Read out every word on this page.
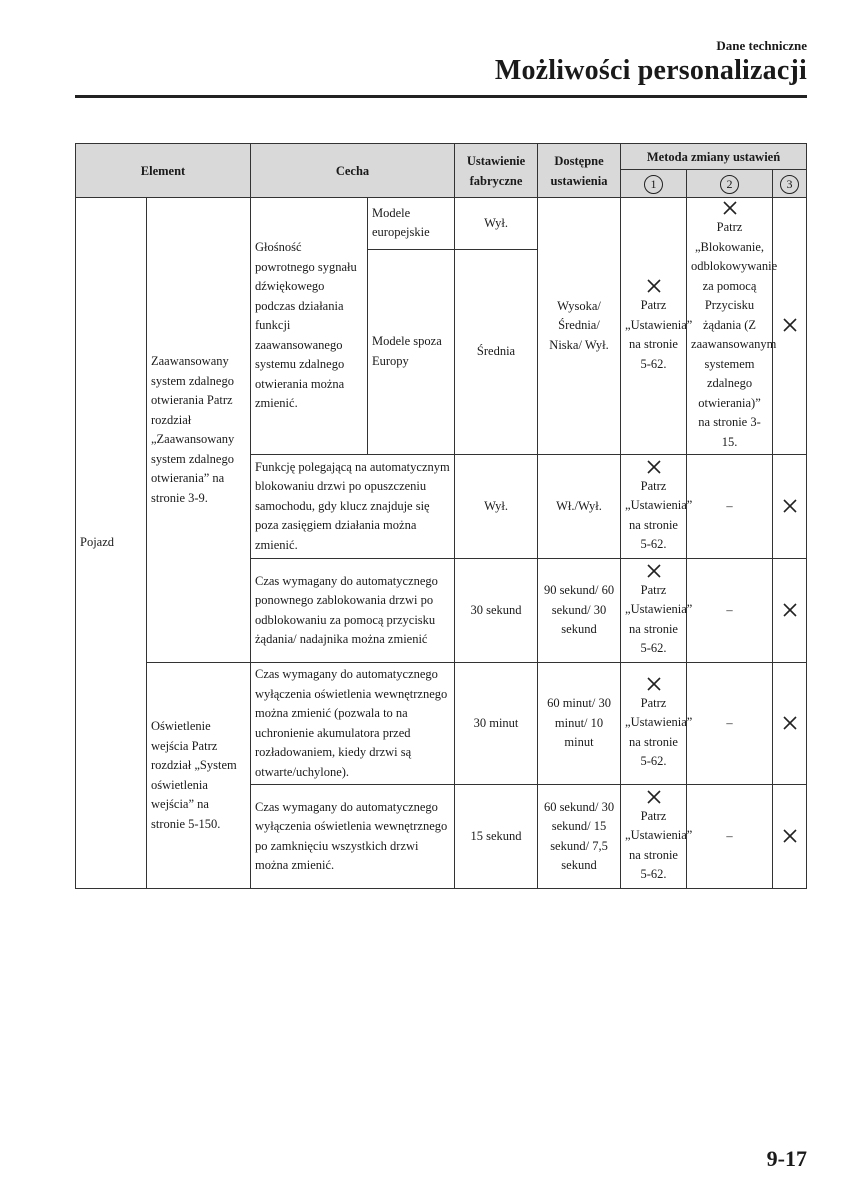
Dane techniczne
Możliwości personalizacji
Element		Cecha		Ustawienie fabryczne	Dostępne ustawienia	Metoda zmiany ustawień		
						1	2	3
Pojazd	Zaawansowany system zdalnego otwierania Patrz rozdział „Zaawansowany system zdalnego otwierania” na stronie 3-9.	Głośność powrotnego sygnału dźwiękowego podczas działania funkcji zaawansowanego systemu zdalnego otwierania można zmienić.	Modele europejskie	Wył.	Wysoka/ Średnia/ Niska/ Wył.	Patrz „Ustawienia” na stronie 5-62.	Patrz „Blokowanie, odblokowywanie za pomocą Przycisku żądania (Z zaawansowanym systemem zdalnego otwierania)” na stronie 3-15.	

			Modele spoza Europy	Średnia				
		Funkcję polegającą na automatycznym blokowaniu drzwi po opuszczeniu samochodu, gdy klucz znajduje się poza zasięgiem działania można zmienić.		Wył.	Wł./Wył.	Patrz „Ustawienia” na stronie 5-62.	–	

		Czas wymagany do automatycznego ponownego zablokowania drzwi po odblokowaniu za pomocą przycisku żądania/ nadajnika można zmienić		30 sekund	90 sekund/ 60 sekund/ 30 sekund	Patrz „Ustawienia” na stronie 5-62.	–	

	Oświetlenie wejścia Patrz rozdział „System oświetlenia wejścia” na stronie 5-150.	Czas wymagany do automatycznego wyłączenia oświetlenia wewnętrznego można zmienić (pozwala to na uchronienie akumulatora przed rozładowaniem, kiedy drzwi są otwarte/uchylone).		30 minut	60 minut/ 30 minut/ 10 minut	Patrz „Ustawienia” na stronie 5-62.	–	

		Czas wymagany do automatycznego wyłączenia oświetlenia wewnętrznego po zamknięciu wszystkich drzwi można zmienić.		15 sekund	60 sekund/ 30 sekund/ 15 sekund/ 7,5 sekund	Patrz „Ustawienia” na stronie 5-62.	–	
9-17
